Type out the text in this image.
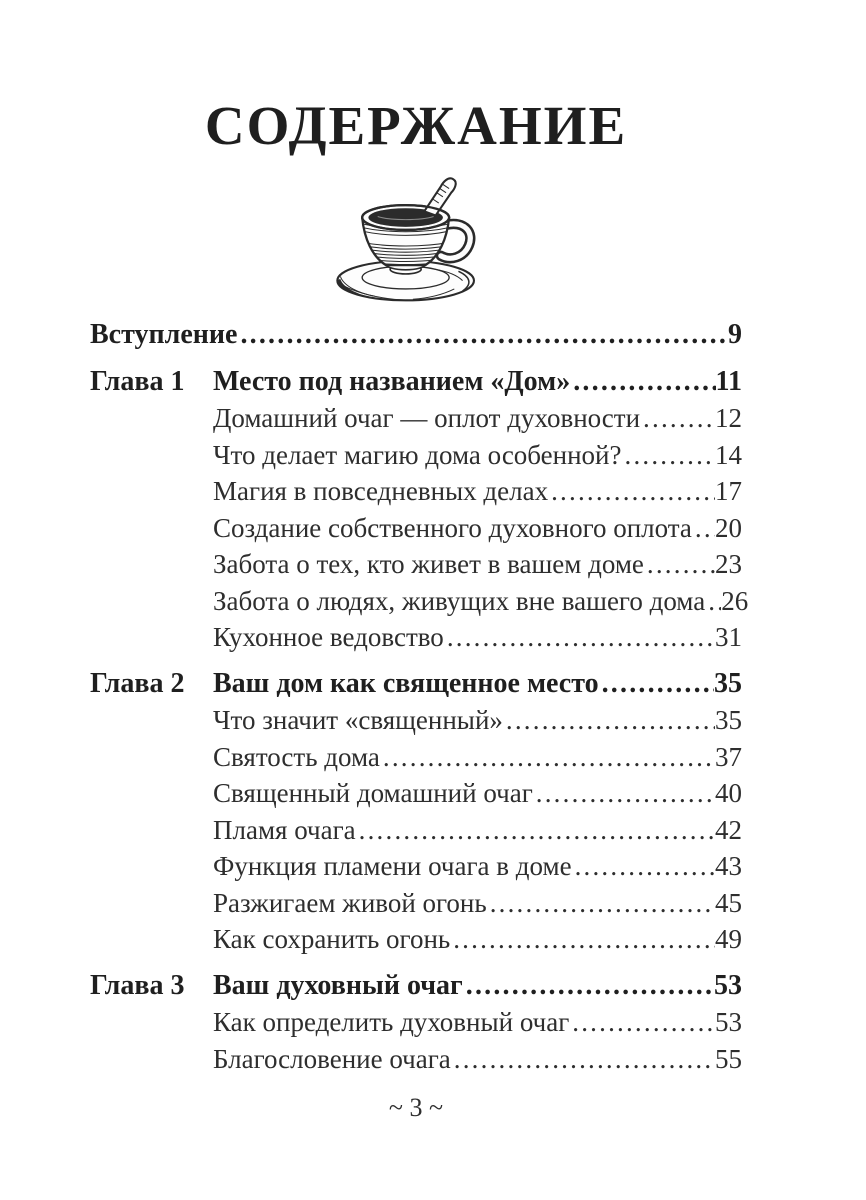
СОДЕРЖАНИЕ
Вступление .....	9
Глава 1	Место под названием «Дом» .....	11
Домашний очаг — оплот духовности .....	12
Что делает магию дома особенной? .....	14
Магия в повседневных делах .....	17
Создание собственного духовного оплота ..... 20
Забота о тех, кто живет в вашем доме .....	23
Забота о людях, живущих вне вашего дома ..... 26
Кухонное ведовство .....	31
Глава 2	Ваш дом как священное место .....	35
Что значит «священный» .....	35
Святость дома .....	37
Священный домашний очаг .....	40
Пламя очага .....	42
Функция пламени очага в доме .....	43
Разжигаем живой огонь .....	45
Как сохранить огонь .....	49
Глава 3	Ваш духовный очаг .....	53
Как определить духовный очаг .....	53
Благословение очага .....	55
~ 3 ~
